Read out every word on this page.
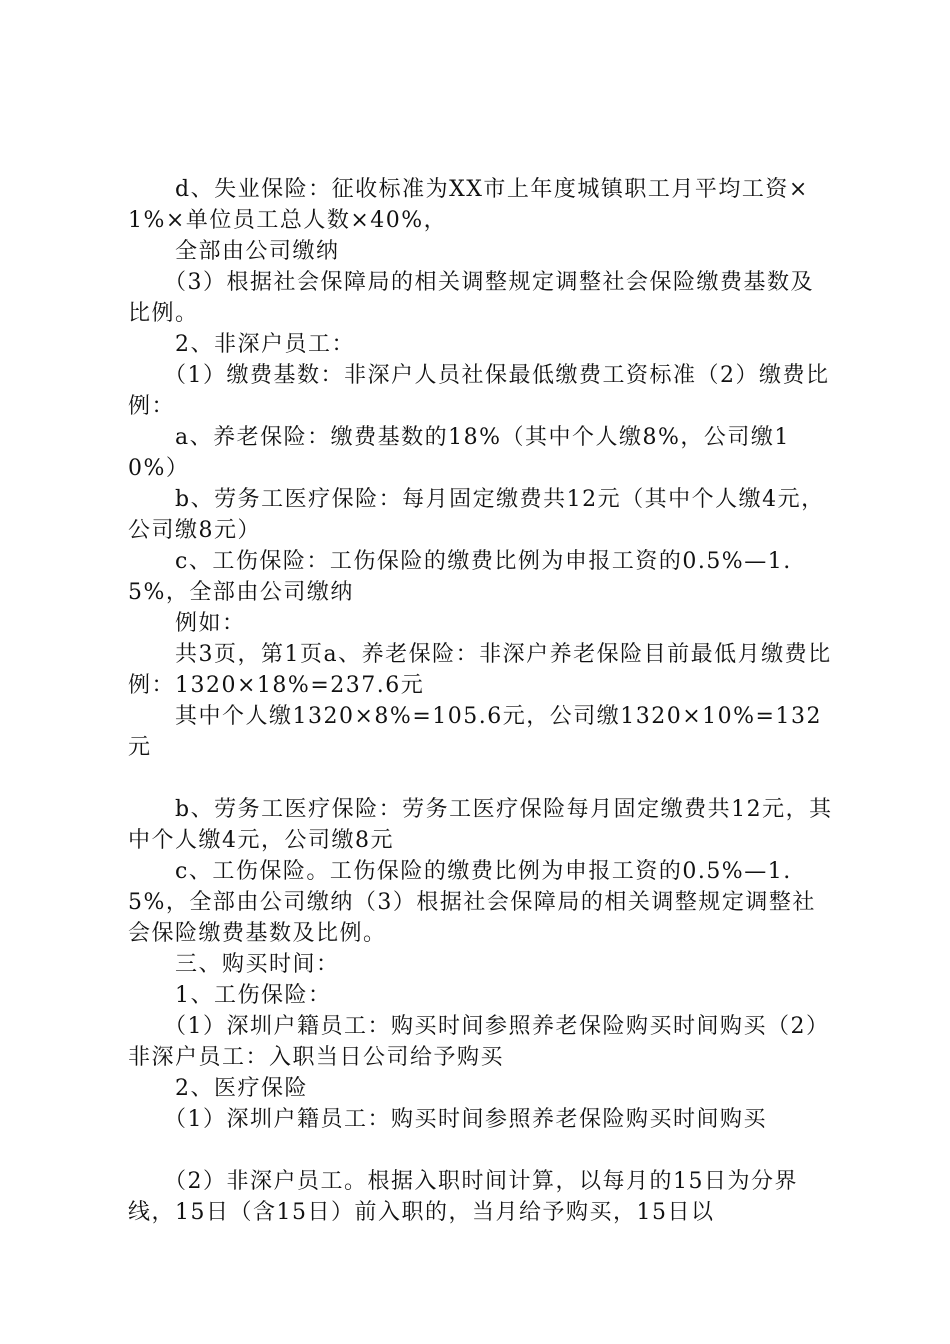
　　d、失业保险：征收标准为XX市上年度城镇职工月平均工资×1%×单位员工总人数×40%，

　　全部由公司缴纳

　　（3）根据社会保障局的相关调整规定调整社会保险缴费基数及比例。

　　2、非深户员工：

　　（1）缴费基数：非深户人员社保最低缴费工资标准（2）缴费比例：

　　a、养老保险：缴费基数的18%（其中个人缴8%，公司缴10%）

　　b、劳务工医疗保险：每月固定缴费共12元（其中个人缴4元，公司缴8元）

　　c、工伤保险：工伤保险的缴费比例为申报工资的0.5%—1.5%，全部由公司缴纳

　　例如：

　　共3页，第1页a、养老保险：非深户养老保险目前最低月缴费比例：1320×18%=237.6元

　　其中个人缴1320×8%=105.6元，公司缴1320×10%=132元

　　b、劳务工医疗保险：劳务工医疗保险每月固定缴费共12元，其中个人缴4元，公司缴8元

　　c、工伤保险。工伤保险的缴费比例为申报工资的0.5%—1.5%，全部由公司缴纳（3）根据社会保障局的相关调整规定调整社会保险缴费基数及比例。

　　三、购买时间：

　　1、工伤保险：

　　（1）深圳户籍员工：购买时间参照养老保险购买时间购买（2）非深户员工：入职当日公司给予购买

　　2、医疗保险

　　（1）深圳户籍员工：购买时间参照养老保险购买时间购买

　　（2）非深户员工。根据入职时间计算，以每月的15日为分界线，15日（含15日）前入职的，当月给予购买，15日以
